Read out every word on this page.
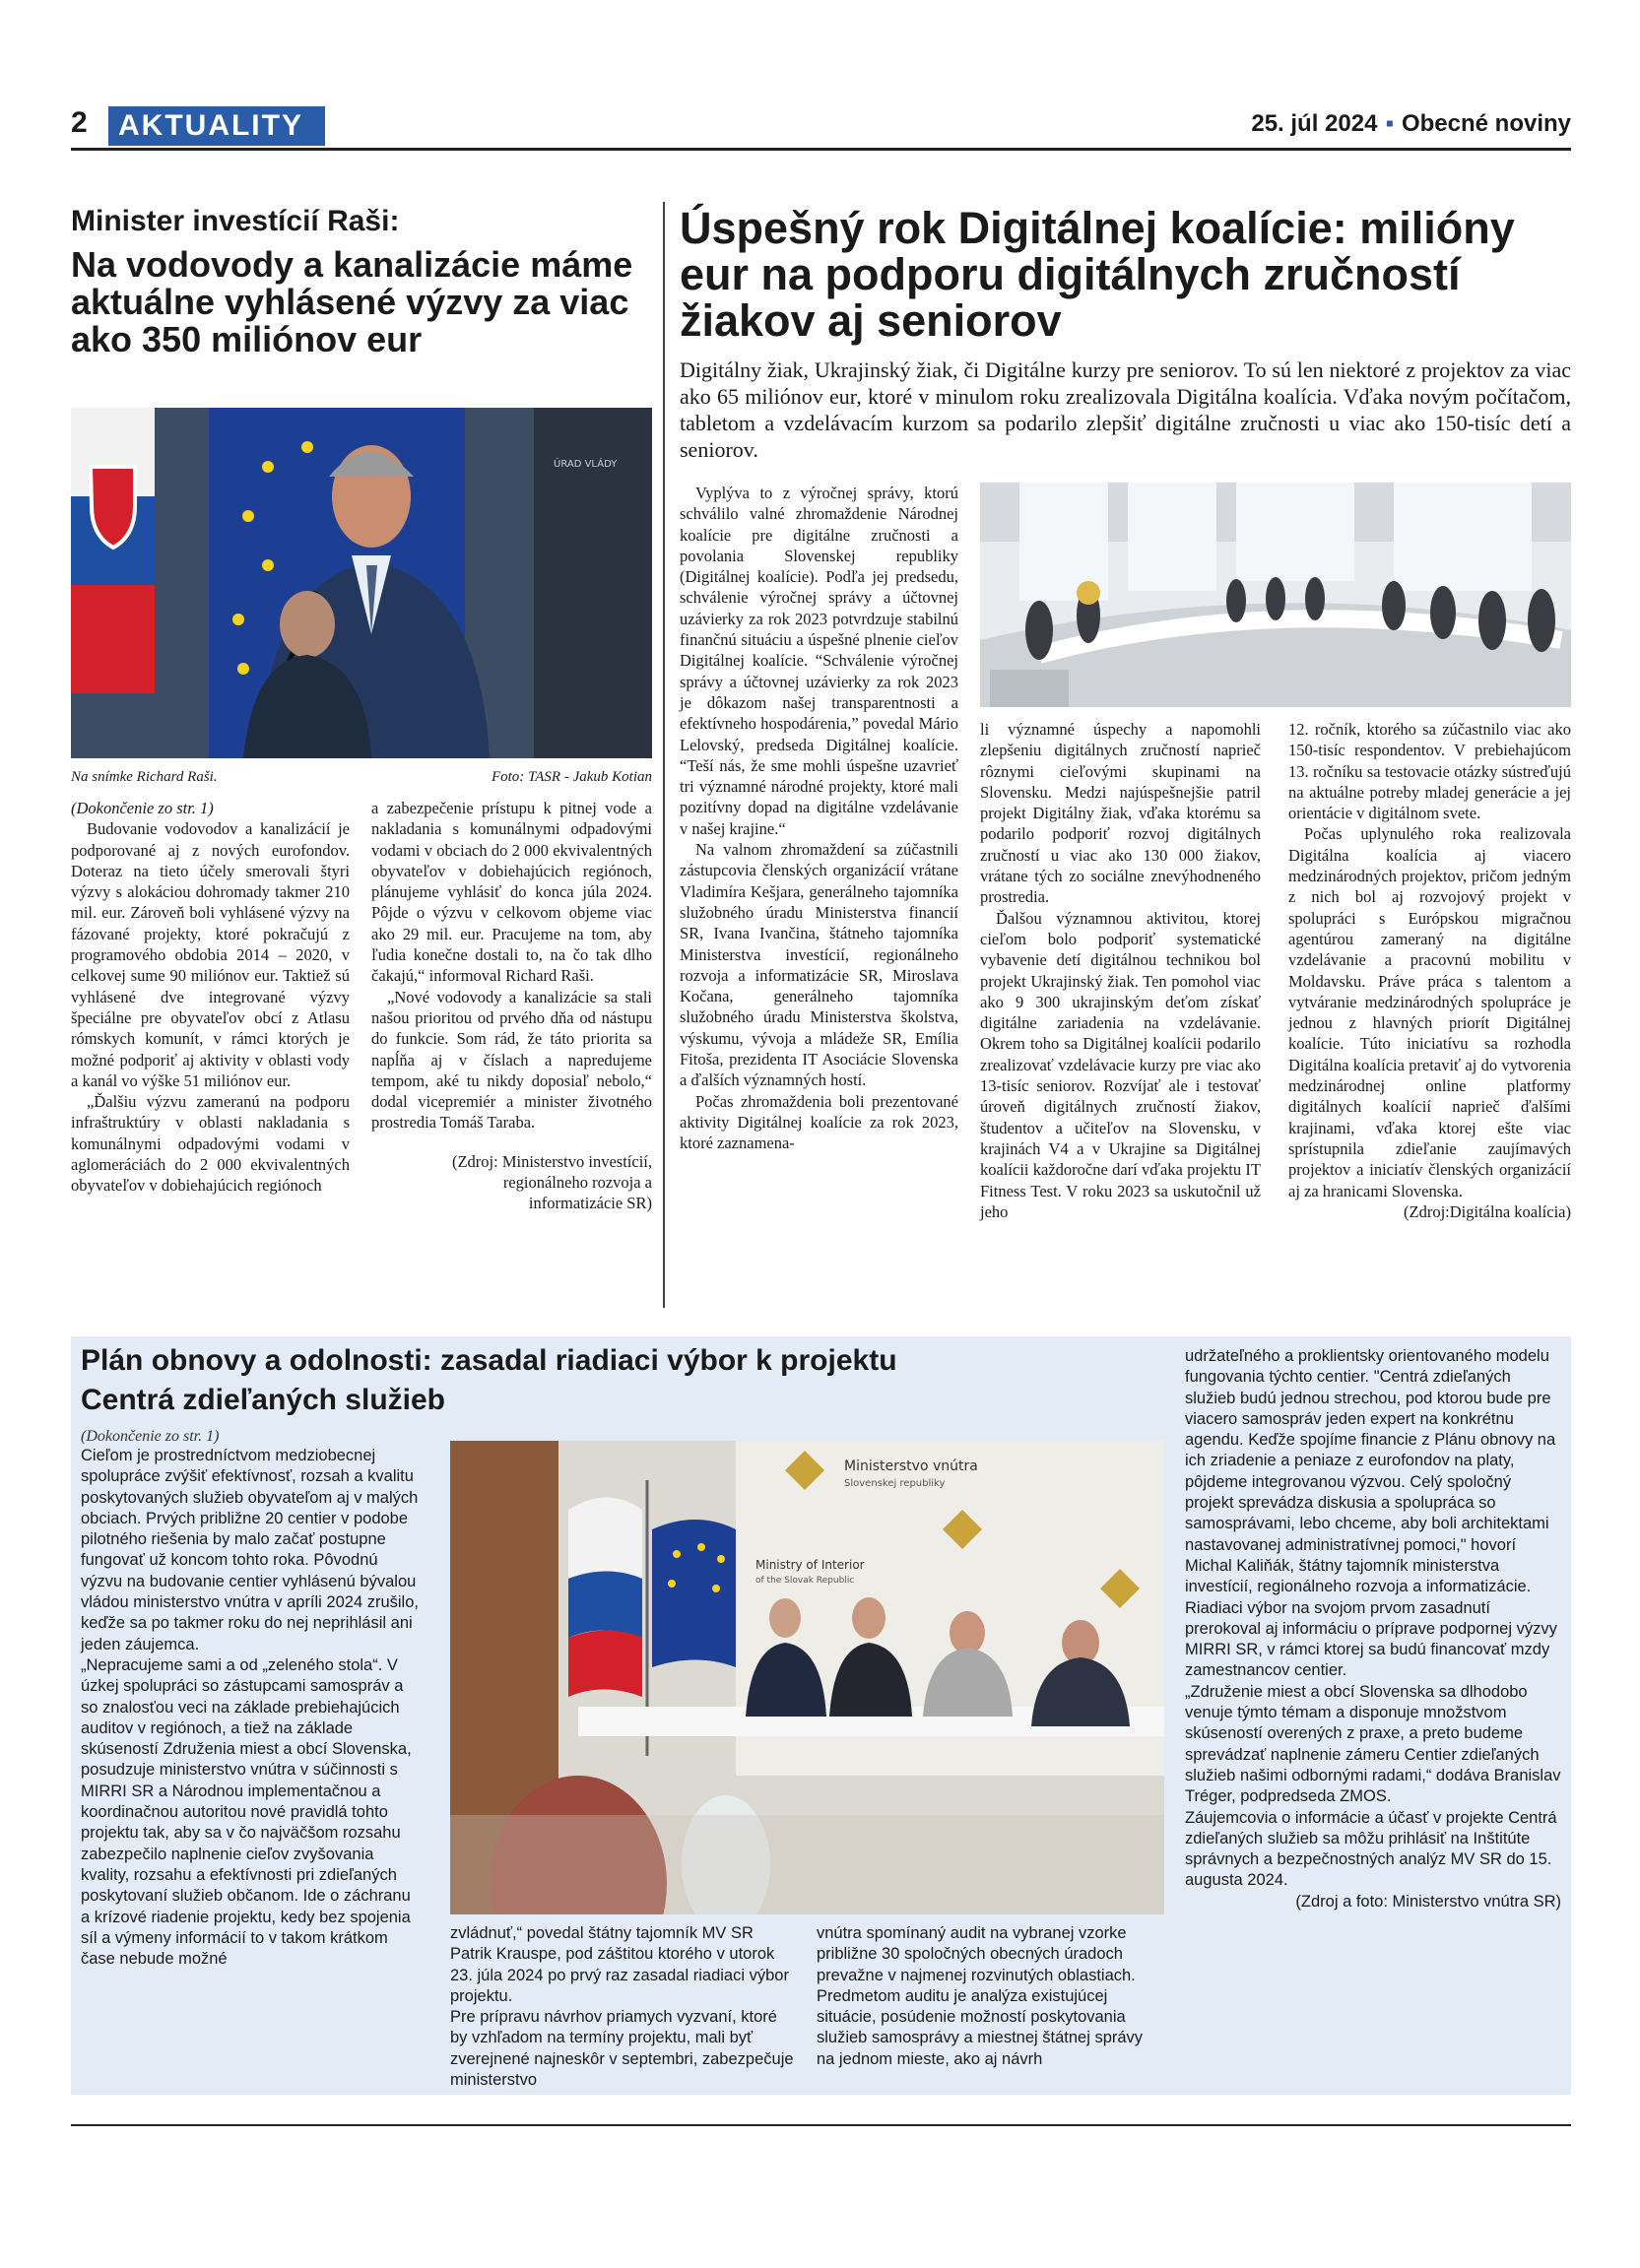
2	AKTUALITY	25. júl 2024 ▪ Obecné noviny
Minister investícií Raši:
Na vodovody a kanalizácie máme aktuálne vyhlásené výzvy za viac ako 350 miliónov eur
ÚRAD VLÁDY
Na snímke Richard Raši.	Foto: TASR - Jakub Kotian

(Dokončenie zo str. 1)

Budovanie vodovodov a kanalizácií je podporované aj z nových eurofondov. Doteraz na tieto účely smerovali štyri výzvy s alokáciou dohromady takmer 210 mil. eur. Zároveň boli vyhlásené výzvy na fázované projekty, ktoré pokračujú z programového obdobia 2014 – 2020, v celkovej sume 90 miliónov eur. Taktiež sú vyhlásené dve integrované výzvy špeciálne pre obyvateľov obcí z Atlasu rómskych komunít, v rámci ktorých je možné podporiť aj aktivity v oblasti vody a kanál vo výške 51 miliónov eur.

„Ďalšiu výzvu zameranú na podporu infraštruktúry v oblasti nakladania s komunálnymi odpadovými vodami v aglomeráciách do 2 000 ekvivalentných obyvateľov v dobiehajúcich regiónoch

a zabezpečenie prístupu k pitnej vode a nakladania s komunálnymi odpadovými vodami v obciach do 2 000 ekvivalentných obyvateľov v dobiehajúcich regiónoch, plánujeme vyhlásiť do konca júla 2024. Pôjde o výzvu v celkovom objeme viac ako 29 mil. eur. Pracujeme na tom, aby ľudia konečne dostali to, na čo tak dlho čakajú,“ informoval Richard Raši.

„Nové vodovody a kanalizácie sa stali našou prioritou od prvého dňa od nástupu do funkcie. Som rád, že táto priorita sa napĺňa aj v číslach a napredujeme tempom, aké tu nikdy doposiaľ nebolo,“ dodal vicepremiér a minister životného prostredia Tomáš Taraba.

(Zdroj: Ministerstvo investícií, regionálneho rozvoja a informatizácie SR)

Úspešný rok Digitálnej koalície: milióny eur na podporu digitálnych zručností žiakov aj seniorov
Digitálny žiak, Ukrajinský žiak, či Digitálne kurzy pre seniorov. To sú len niektoré z projektov za viac ako 65 miliónov eur, ktoré v minulom roku zrealizovala Digitálna koalícia. Vďaka novým počítačom, tabletom a vzdelávacím kurzom sa podarilo zlepšiť digitálne zručnosti u viac ako 150-tisíc detí a seniorov.

Vyplýva to z výročnej správy, ktorú schválilo valné zhromaždenie Národnej koalície pre digitálne zručnosti a povolania Slovenskej republiky (Digitálnej koalície). Podľa jej predsedu, schválenie výročnej správy a účtovnej uzávierky za rok 2023 potvrdzuje stabilnú finančnú situáciu a úspešné plnenie cieľov Digitálnej koalície. “Schválenie výročnej správy a účtovnej uzávierky za rok 2023 je dôkazom našej transparentnosti a efektívneho hospodárenia,” povedal Mário Lelovský, predseda Digitálnej koalície. “Teší nás, že sme mohli úspešne uzavrieť tri významné národné projekty, ktoré mali pozitívny dopad na digitálne vzdelávanie v našej krajine.“

Na valnom zhromaždení sa zúčastnili zástupcovia členských organizácií vrátane Vladimíra Kešjara, generálneho tajomníka služobného úradu Ministerstva financií SR, Ivana Ivančina, štátneho tajomníka Ministerstva investícií, regionálneho rozvoja a informatizácie SR, Miroslava Kočana, generálneho tajomníka služobného úradu Ministerstva školstva, výskumu, vývoja a mládeže SR, Emília Fitoša, prezidenta IT Asociácie Slovenska a ďalších významných hostí.

Počas zhromaždenia boli prezentované aktivity Digitálnej koalície za rok 2023, ktoré zaznamena-

li významné úspechy a napomohli zlepšeniu digitálnych zručností naprieč rôznymi cieľovými skupinami na Slovensku. Medzi najúspešnejšie patril projekt Digitálny žiak, vďaka ktorému sa podarilo podporiť rozvoj digitálnych zručností u viac ako 130 000 žiakov, vrátane tých zo sociálne znevýhodneného prostredia.

Ďalšou významnou aktivitou, ktorej cieľom bolo podporiť systematické vybavenie detí digitálnou technikou bol projekt Ukrajinský žiak. Ten pomohol viac ako 9 300 ukrajinským deťom získať digitálne zariadenia na vzdelávanie. Okrem toho sa Digitálnej koalícii podarilo zrealizovať vzdelávacie kurzy pre viac ako 13-tisíc seniorov. Rozvíjať ale i testovať úroveň digitálnych zručností žiakov, študentov a učiteľov na Slovensku, v krajinách V4 a v Ukrajine sa Digitálnej koalícii každoročne darí vďaka projektu IT Fitness Test. V roku 2023 sa uskutočnil už jeho

12. ročník, ktorého sa zúčastnilo viac ako 150-tisíc respondentov. V prebiehajúcom 13. ročníku sa testovacie otázky sústreďujú na aktuálne potreby mladej generácie a jej orientácie v digitálnom svete.

Počas uplynulého roka realizovala Digitálna koalícia aj viacero medzinárodných projektov, pričom jedným z nich bol aj rozvojový projekt v spolupráci s Európskou migračnou agentúrou zameraný na digitálne vzdelávanie a pracovnú mobilitu v Moldavsku. Práve práca s talentom a vytváranie medzinárodných spolupráce je jednou z hlavných priorít Digitálnej koalície. Túto iniciatívu sa rozhodla Digitálna koalícia pretaviť aj do vytvorenia medzinárodnej online platformy digitálnych koalícií naprieč ďalšími krajinami, vďaka ktorej ešte viac sprístupnila zdieľanie zaujímavých projektov a iniciatív členských organizácií aj za hranicami Slovenska.

(Zdroj:Digitálna koalícia)

Plán obnovy a odolnosti: zasadal riadiaci výbor k projektu Centrá zdieľaných služieb

(Dokončenie zo str. 1)

Cieľom je prostredníctvom medziobecnej spolupráce zvýšiť efektívnosť, rozsah a kvalitu poskytovaných služieb obyvateľom aj v malých obciach. Prvých približne 20 centier v podobe pilotného riešenia by malo začať postupne fungovať už koncom tohto roka. Pôvodnú výzvu na budovanie centier vyhlásenú bývalou vládou ministerstvo vnútra v apríli 2024 zrušilo, keďže sa po takmer roku do nej neprihlásil ani jeden záujemca.

„Nepracujeme sami a od „zeleného stola“. V úzkej spolupráci so zástupcami samospráv a so znalosťou veci na základe prebiehajúcich auditov v regiónoch, a tiež na základe skúseností Združenia miest a obcí Slovenska, posudzuje ministerstvo vnútra v súčinnosti s MIRRI SR a Národnou implementačnou a koordinačnou autoritou nové pravidlá tohto projektu tak, aby sa v čo najväčšom rozsahu zabezpečilo naplnenie cieľov zvyšovania kvality, rozsahu a efektívnosti pri zdieľaných poskytovaní služieb občanom. Ide o záchranu a krízové riadenie projektu, kedy bez spojenia síl a výmeny informácií to v takom krátkom čase nebude možné

Ministerstvo vnútra
Slovenskej republiky
Ministry of Interior
of the Slovak Republic

zvládnuť,“ povedal štátny tajomník MV SR Patrik Krauspe, pod záštitou ktorého v utorok 23. júla 2024 po prvý raz zasadal riadiaci výbor projektu.

Pre prípravu návrhov priamych vyzvaní, ktoré by vzhľadom na termíny projektu, mali byť zverejnené najneskôr v septembri, zabezpečuje ministerstvo

vnútra spomínaný audit na vybranej vzorke približne 30 spoločných obecných úradoch prevažne v najmenej rozvinutých oblastiach. Predmetom auditu je analýza existujúcej situácie, posúdenie možností poskytovania služieb samosprávy a miestnej štátnej správy na jednom mieste, ako aj návrh

udržateľného a proklientsky orientovaného modelu fungovania týchto centier. "Centrá zdieľaných služieb budú jednou strechou, pod ktorou bude pre viacero samospráv jeden expert na konkrétnu agendu. Keďže spojíme financie z Plánu obnovy na ich zriadenie a peniaze z eurofondov na platy, pôjdeme integrovanou výzvou. Celý spoločný projekt sprevádza diskusia a spolupráca so samosprávami, lebo chceme, aby boli architektami nastavovanej administratívnej pomoci," hovorí Michal Kaliňák, štátny tajomník ministerstva investícií, regionálneho rozvoja a informatizácie.

Riadiaci výbor na svojom prvom zasadnutí prerokoval aj informáciu o príprave podpornej výzvy MIRRI SR, v rámci ktorej sa budú financovať mzdy zamestnancov centier.

„Združenie miest a obcí Slovenska sa dlhodobo venuje týmto témam a disponuje množstvom skúseností overených z praxe, a preto budeme sprevádzať naplnenie zámeru Centier zdieľaných služieb našimi odbornými radami,“ dodáva Branislav Tréger, podpredseda ZMOS.

Záujemcovia o informácie a účasť v projekte Centrá zdieľaných služieb sa môžu prihlásiť na Inštitúte správnych a bezpečnostných analýz MV SR do 15. augusta 2024.

(Zdroj a foto: Ministerstvo vnútra SR)
